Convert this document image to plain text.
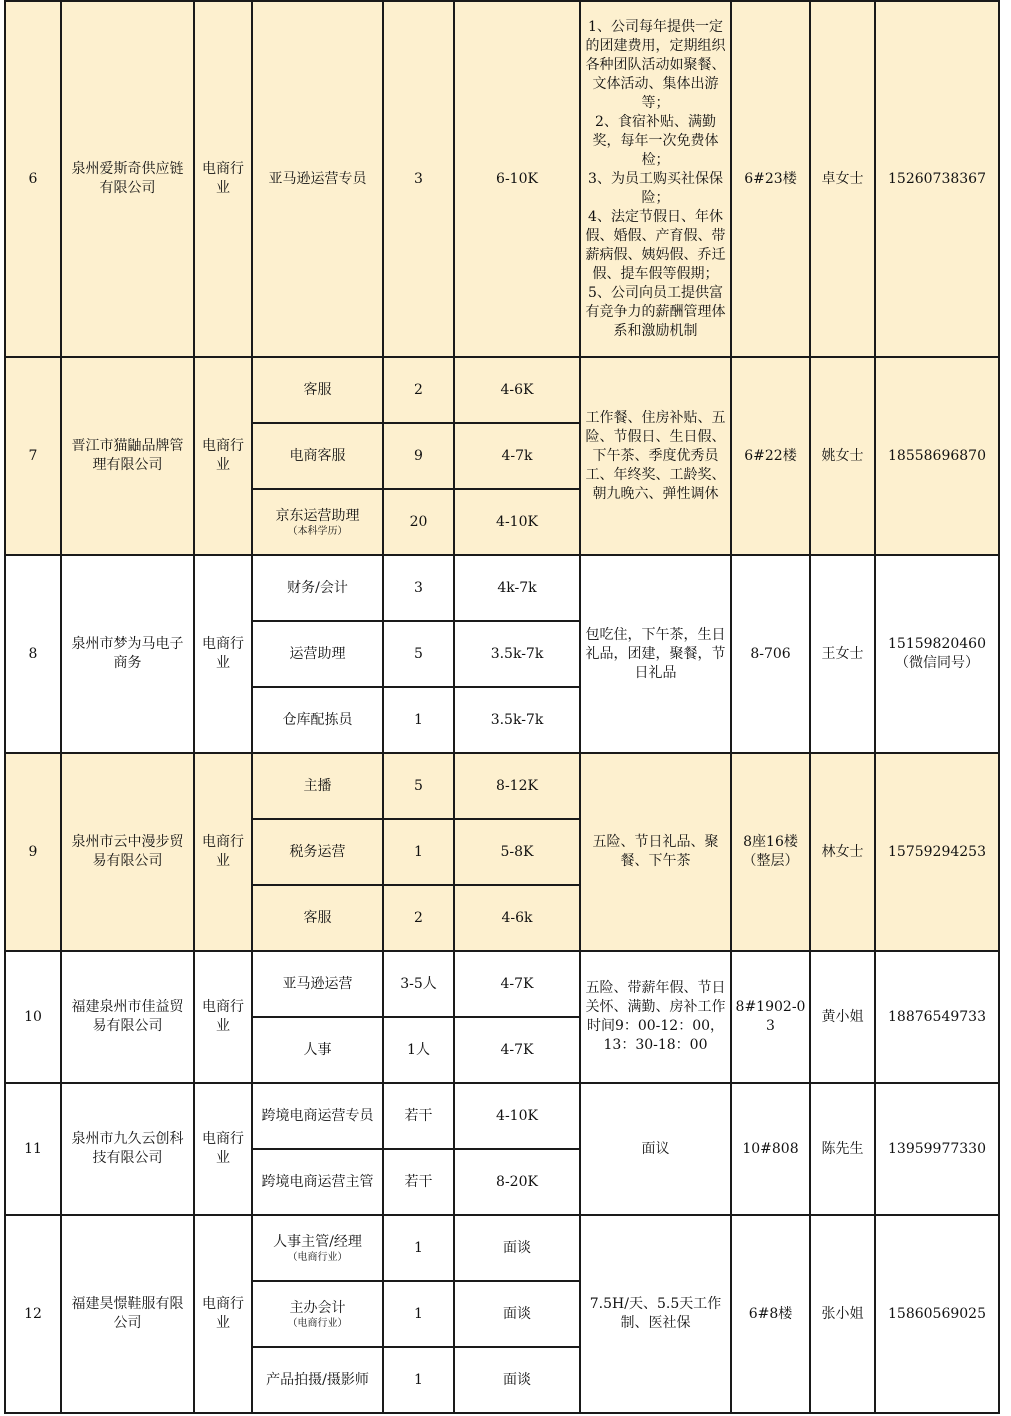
6	泉州爱斯奇供应链有限公司	电商行业	亚马逊运营专员	3	6-10K	1、公司每年提供一定的团建费用，定期组织各种团队活动如聚餐、文体活动、集体出游等；
2、食宿补贴、满勤奖，每年一次免费体检；
3、为员工购买社保保险；
4、法定节假日、年休假、婚假、产育假、带薪病假、姨妈假、乔迁假、提车假等假期；
5、公司向员工提供富有竞争力的薪酬管理体系和激励机制	6#23楼	卓女士	15260738367
7	晋江市猫鼬品牌管理有限公司	电商行业	客服	2	4-6K	工作餐、住房补贴、五险、节假日、生日假、下午茶、季度优秀员工、年终奖、工龄奖、朝九晚六、弹性调休	6#22楼	姚女士	18558696870
			电商客服	9	4-7k				
			京东运营助理
（本科学历）	20	4-10K				
8	泉州市梦为马电子商务	电商行业	财务/会计	3	4k-7k	包吃住，下午茶，生日礼品，团建，聚餐，节日礼品	8-706	王女士	15159820460（微信同号）
			运营助理	5	3.5k-7k				
			仓库配拣员	1	3.5k-7k				
9	泉州市云中漫步贸易有限公司	电商行业	主播	5	8-12K	五险、节日礼品、聚餐、下午茶	8座16楼（整层）	林女士	15759294253
			税务运营	1	5-8K				
			客服	2	4-6k				
10	福建泉州市佳益贸易有限公司	电商行业	亚马逊运营	3-5人	4-7K	五险、带薪年假、节日关怀、满勤、房补工作时间9：00-12：00，13：30-18：00	8#1902-03	黄小姐	18876549733
			人事	1人	4-7K				
11	泉州市九久云创科技有限公司	电商行业	跨境电商运营专员	若干	4-10K	面议	10#808	陈先生	13959977330
			跨境电商运营主管	若干	8-20K				
12	福建昊憬鞋服有限公司	电商行业	人事主管/经理
（电商行业）	1	面谈	7.5H/天、5.5天工作制、医社保	6#8楼	张小姐	15860569025
			主办会计
（电商行业）	1	面谈				
			产品拍摄/摄影师	1	面谈				
